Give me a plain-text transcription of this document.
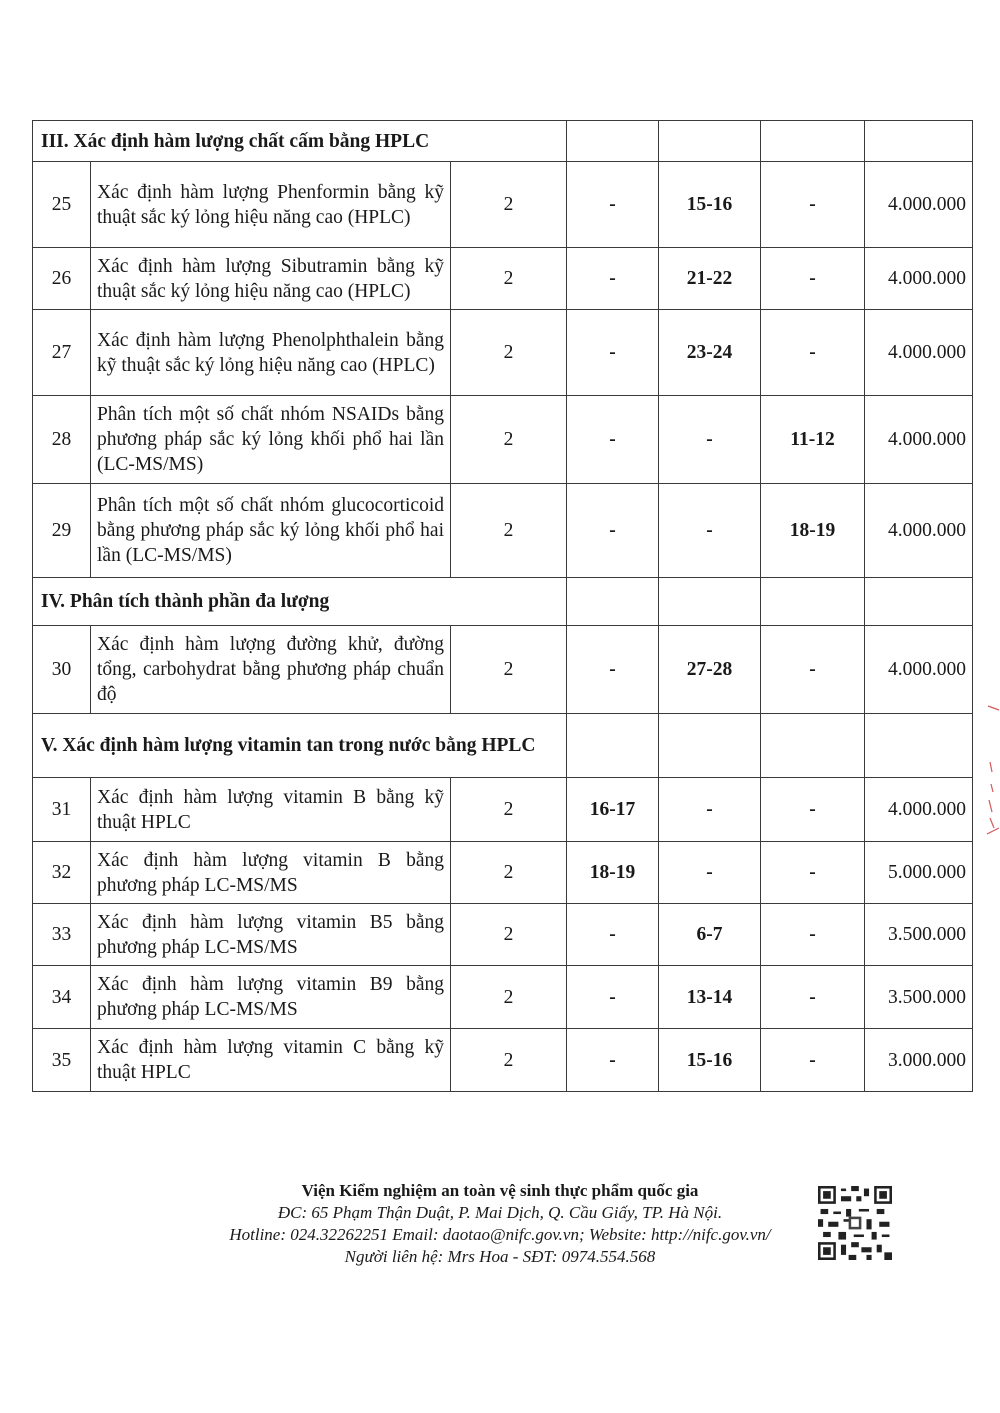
III. Xác định hàm lượng chất cấm bằng HPLC						
25	Xác định hàm lượng Phenformin bằng kỹ thuật sắc ký lỏng hiệu năng cao (HPLC)	2	-	15-16	-	4.000.000
26	Xác định hàm lượng Sibutramin bằng kỹ thuật sắc ký lỏng hiệu năng cao (HPLC)	2	-	21-22	-	4.000.000
27	Xác định hàm lượng Phenolphthalein bằng kỹ thuật sắc ký lỏng hiệu năng cao (HPLC)	2	-	23-24	-	4.000.000
28	Phân tích một số chất nhóm NSAIDs bằng phương pháp sắc ký lỏng khối phổ hai lần (LC-MS/MS)	2	-	-	11-12	4.000.000
29	Phân tích một số chất nhóm glucocorticoid bằng phương pháp sắc ký lỏng khối phổ hai lần (LC-MS/MS)	2	-	-	18-19	4.000.000
IV. Phân tích thành phần đa lượng						
30	Xác định hàm lượng đường khử, đường tổng, carbohydrat bằng phương pháp chuẩn độ	2	-	27-28	-	4.000.000
V. Xác định hàm lượng vitamin tan trong nước bằng HPLC						
31	Xác định hàm lượng vitamin B bằng kỹ thuật HPLC	2	16-17	-	-	4.000.000
32	Xác định hàm lượng vitamin B bằng phương pháp LC-MS/MS	2	18-19	-	-	5.000.000
33	Xác định hàm lượng vitamin B5 bằng phương pháp LC-MS/MS	2	-	6-7	-	3.500.000
34	Xác định hàm lượng vitamin B9 bằng phương pháp LC-MS/MS	2	-	13-14	-	3.500.000
35	Xác định hàm lượng vitamin C bằng kỹ thuật HPLC	2	-	15-16	-	3.000.000
Viện Kiểm nghiệm an toàn vệ sinh thực phẩm quốc gia
ĐC: 65 Phạm Thận Duật, P. Mai Dịch, Q. Cầu Giấy, TP. Hà Nội.
Hotline: 024.32262251 Email: daotao@nifc.gov.vn; Website: http://nifc.gov.vn/
Người liên hệ: Mrs Hoa - SĐT: 0974.554.568
